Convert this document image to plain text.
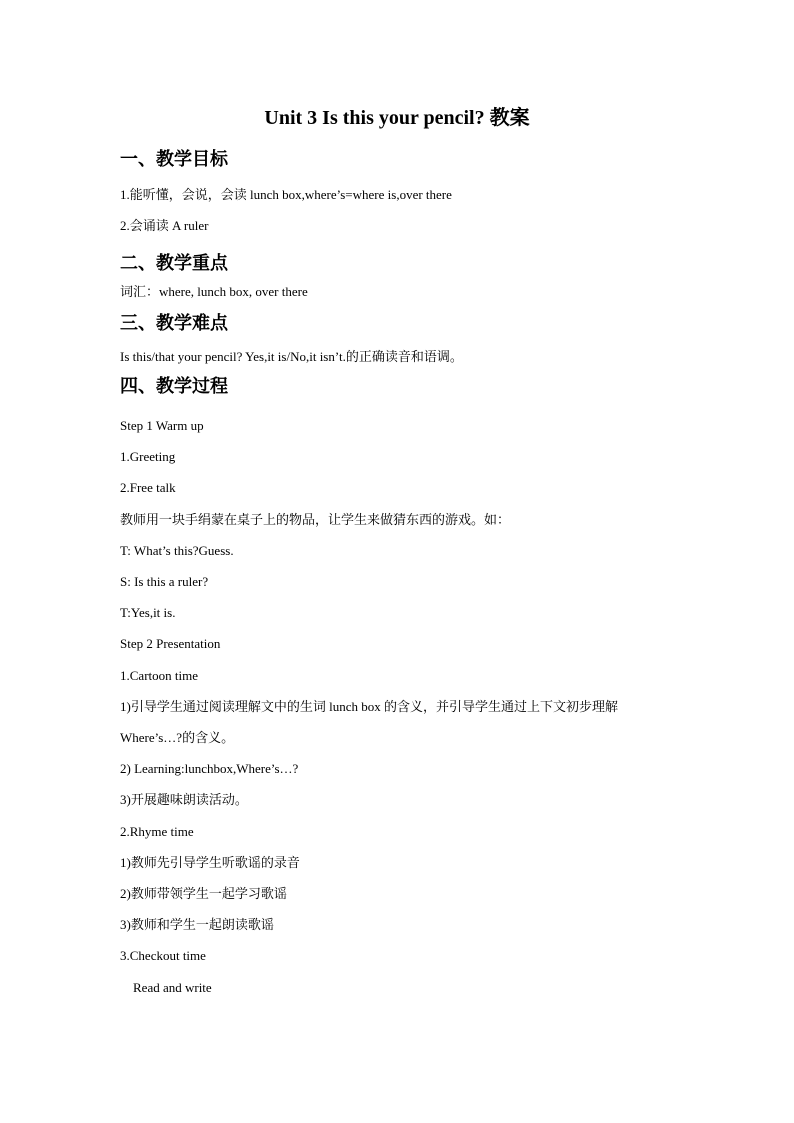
Unit 3 Is this your pencil? 教案
一、教学目标
1.能听懂，会说，会读 lunch box,where’s=where is,over there
2.会诵读 A ruler
二、教学重点
词汇：where, lunch box, over there
三、教学难点
Is this/that your pencil? Yes,it is/No,it isn’t.的正确读音和语调。
四、教学过程
Step 1 Warm up
1.Greeting
2.Free talk
教师用一块手绢蒙在桌子上的物品，让学生来做猜东西的游戏。如：
T: What’s this?Guess.
S: Is this a ruler?
T:Yes,it is.
Step 2 Presentation
1.Cartoon time
1)引导学生通过阅读理解文中的生词 lunch box 的含义，并引导学生通过上下文初步理解
Where’s…?的含义。
2) Learning:lunchbox,Where’s…?
3)开展趣味朗读活动。
2.Rhyme time
1)教师先引导学生听歌谣的录音
2)教师带领学生一起学习歌谣
3)教师和学生一起朗读歌谣
3.Checkout time
Read and write
